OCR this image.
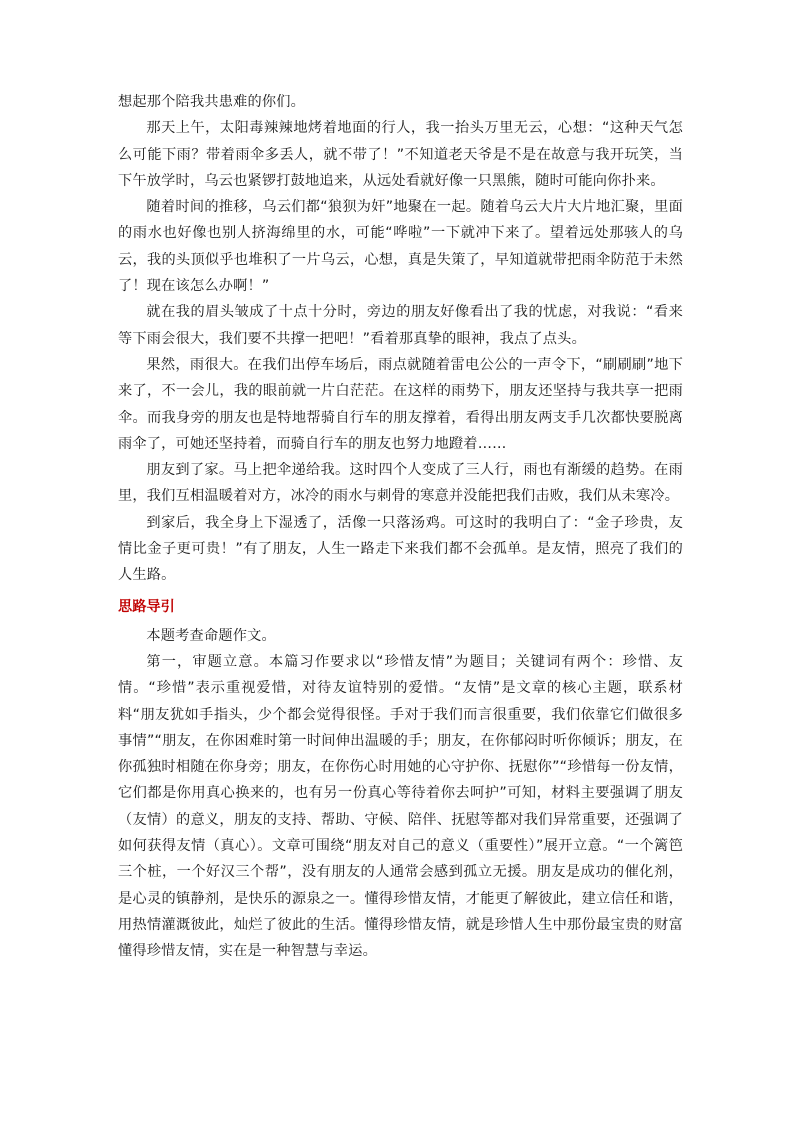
想起那个陪我共患难的你们。

那天上午，太阳毒辣辣地烤着地面的行人，我一抬头万里无云，心想：“这种天气怎么可能下雨？带着雨伞多丢人，就不带了！”不知道老天爷是不是在故意与我开玩笑，当下午放学时，乌云也紧锣打鼓地追来，从远处看就好像一只黑熊，随时可能向你扑来。

随着时间的推移，乌云们都“狼狈为奸”地聚在一起。随着乌云大片大片地汇聚，里面的雨水也好像也别人挤海绵里的水，可能“哗啦”一下就冲下来了。望着远处那骇人的乌云，我的头顶似乎也堆积了一片乌云，心想，真是失策了，早知道就带把雨伞防范于未然了！现在该怎么办啊！”

就在我的眉头皱成了十点十分时，旁边的朋友好像看出了我的忧虑，对我说：“看来等下雨会很大，我们要不共撑一把吧！”看着那真挚的眼神，我点了点头。

果然，雨很大。在我们出停车场后，雨点就随着雷电公公的一声令下，“刷刷刷”地下来了，不一会儿，我的眼前就一片白茫茫。在这样的雨势下，朋友还坚持与我共享一把雨伞。而我身旁的朋友也是特地帮骑自行车的朋友撑着，看得出朋友两支手几次都快要脱离雨伞了，可她还坚持着，而骑自行车的朋友也努力地蹬着……

朋友到了家。马上把伞递给我。这时四个人变成了三人行，雨也有渐缓的趋势。在雨里，我们互相温暖着对方，冰冷的雨水与刺骨的寒意并没能把我们击败，我们从未寒冷。

到家后，我全身上下湿透了，活像一只落汤鸡。可这时的我明白了：“金子珍贵，友情比金子更可贵！”有了朋友，人生一路走下来我们都不会孤单。是友情，照亮了我们的人生路。

思路导引

本题考查命题作文。

第一，审题立意。本篇习作要求以“珍惜友情”为题目；关键词有两个：珍惜、友情。“珍惜”表示重视爱惜，对待友谊特别的爱惜。“友情”是文章的核心主题，联系材料“朋友犹如手指头，少个都会觉得很怪。手对于我们而言很重要，我们依靠它们做很多事情”“朋友，在你困难时第一时间伸出温暖的手；朋友，在你郁闷时听你倾诉；朋友，在你孤独时相随在你身旁；朋友，在你伤心时用她的心守护你、抚慰你”“珍惜每一份友情，它们都是你用真心换来的，也有另一份真心等待着你去呵护”可知，材料主要强调了朋友（友情）的意义，朋友的支持、帮助、守候、陪伴、抚慰等都对我们异常重要，还强调了如何获得友情（真心）。文章可围绕“朋友对自己的意义（重要性）”展开立意。“一个篱笆三个桩，一个好汉三个帮”，没有朋友的人通常会感到孤立无援。朋友是成功的催化剂，是心灵的镇静剂，是快乐的源泉之一。懂得珍惜友情，才能更了解彼此，建立信任和谐，用热情灌溉彼此，灿烂了彼此的生活。懂得珍惜友情，就是珍惜人生中那份最宝贵的财富 懂得珍惜友情，实在是一种智慧与幸运。
